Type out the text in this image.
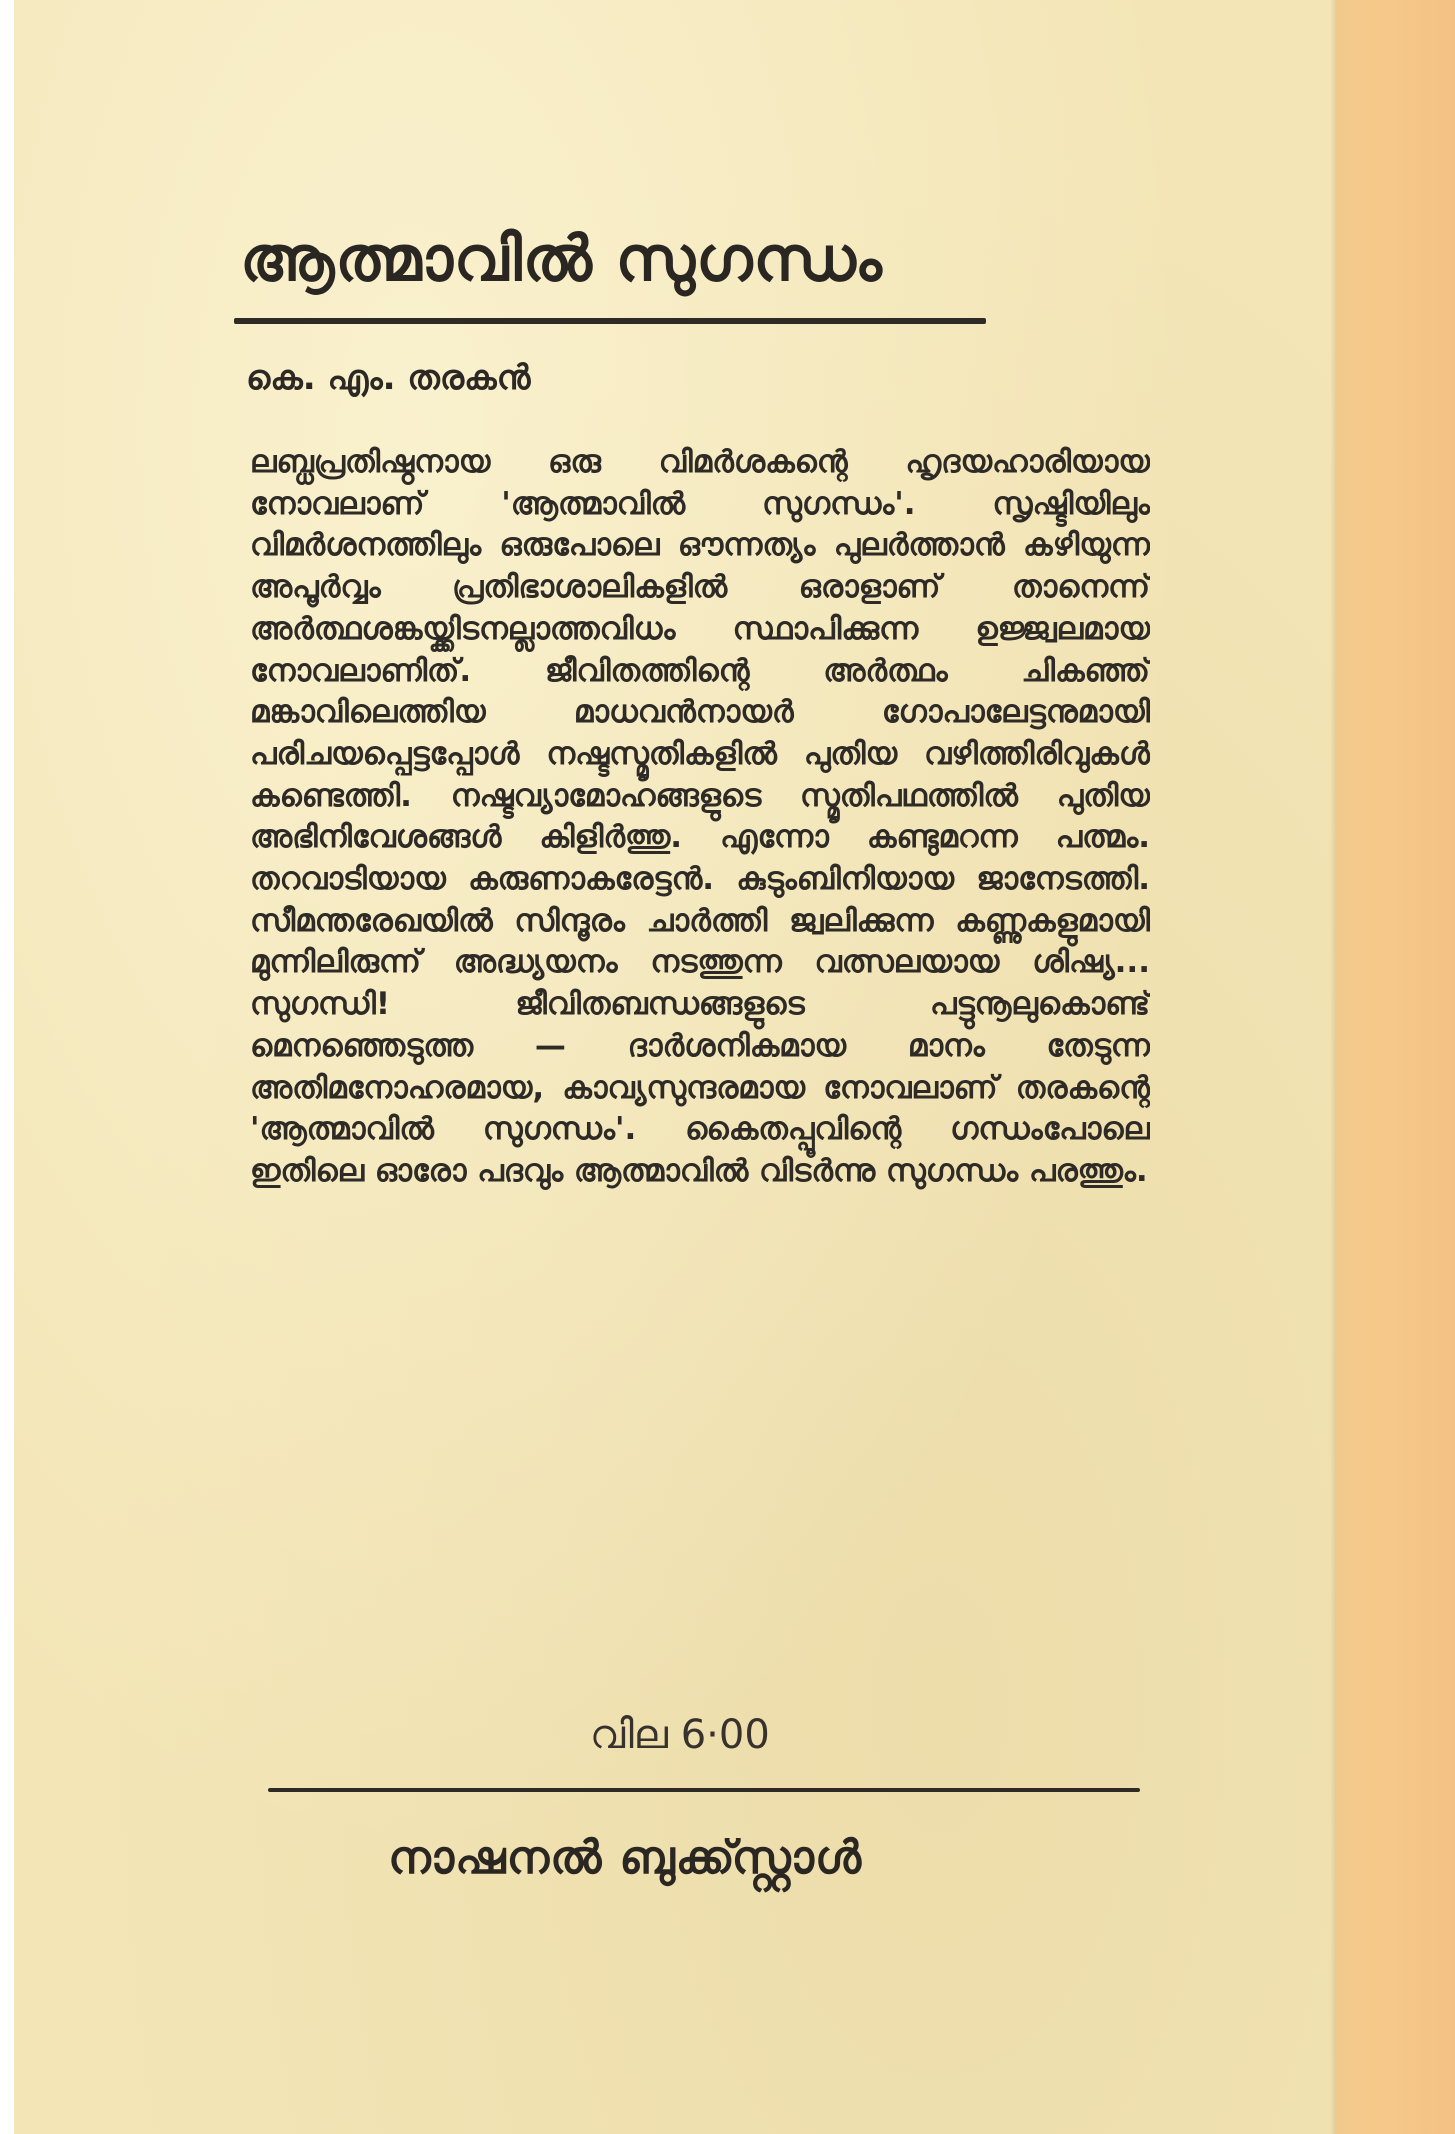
ആത്മാവിൽ സുഗന്ധം

കെ. എം. തരകൻ

ലബ്ധപ്രതിഷ്ഠനായ ഒരു വിമർശകന്റെ ഹൃദയഹാരിയായ നോവലാണ് 'ആത്മാവിൽ സുഗന്ധം'. സൃഷ്ടിയിലും വിമർശനത്തിലും ഒരുപോലെ ഔന്നത്യം പുലർത്താൻ കഴിയുന്ന അപൂർവ്വം പ്രതിഭാശാലികളിൽ ഒരാളാണ് താനെന്ന് അർത്ഥശങ്കയ്ക്കിടനല്ലാത്തവിധം സ്ഥാപിക്കുന്ന ഉജ്ജ്വലമായ നോവലാണിത്. ജീവിതത്തിന്റെ അർത്ഥം ചികഞ്ഞ് മങ്കാവിലെത്തിയ മാധവൻനായർ ഗോപാലേട്ടനുമായി പരിചയപ്പെട്ടപ്പോൾ നഷ്ടസ്മൃതികളിൽ പുതിയ വഴിത്തിരിവുകൾ കണ്ടെത്തി. നഷ്ടവ്യാമോഹങ്ങളുടെ സ്മൃതിപഥത്തിൽ പുതിയ അഭിനിവേശങ്ങൾ കിളിർത്തു. എന്നോ കണ്ടുമറന്ന പത്മം. തറവാടിയായ കരുണാകരേട്ടൻ. കുടുംബിനിയായ ജാനേടത്തി. സീമന്തരേഖയിൽ സിന്ദൂരം ചാർത്തി ജ്വലിക്കുന്ന കണ്ണുകളുമായി മുന്നിലിരുന്ന് അദ്ധ്യയനം നടത്തുന്ന വത്സലയായ ശിഷ്യ... സുഗന്ധി! ജീവിതബന്ധങ്ങളുടെ പട്ടുനൂലുകൊണ്ട് മെനഞ്ഞെടുത്ത — ദാർശനികമായ മാനം തേടുന്ന അതിമനോഹരമായ, കാവ്യസുന്ദരമായ നോവലാണ് തരകന്റെ 'ആത്മാവിൽ സുഗന്ധം'. കൈതപ്പൂവിന്റെ ഗന്ധംപോലെ ഇതിലെ ഓരോ പദവും ആത്മാവിൽ വിടർന്നു സുഗന്ധം പരത്തും.

വില 6·00

നാഷനൽ ബുക്ക്സ്റ്റാൾ
